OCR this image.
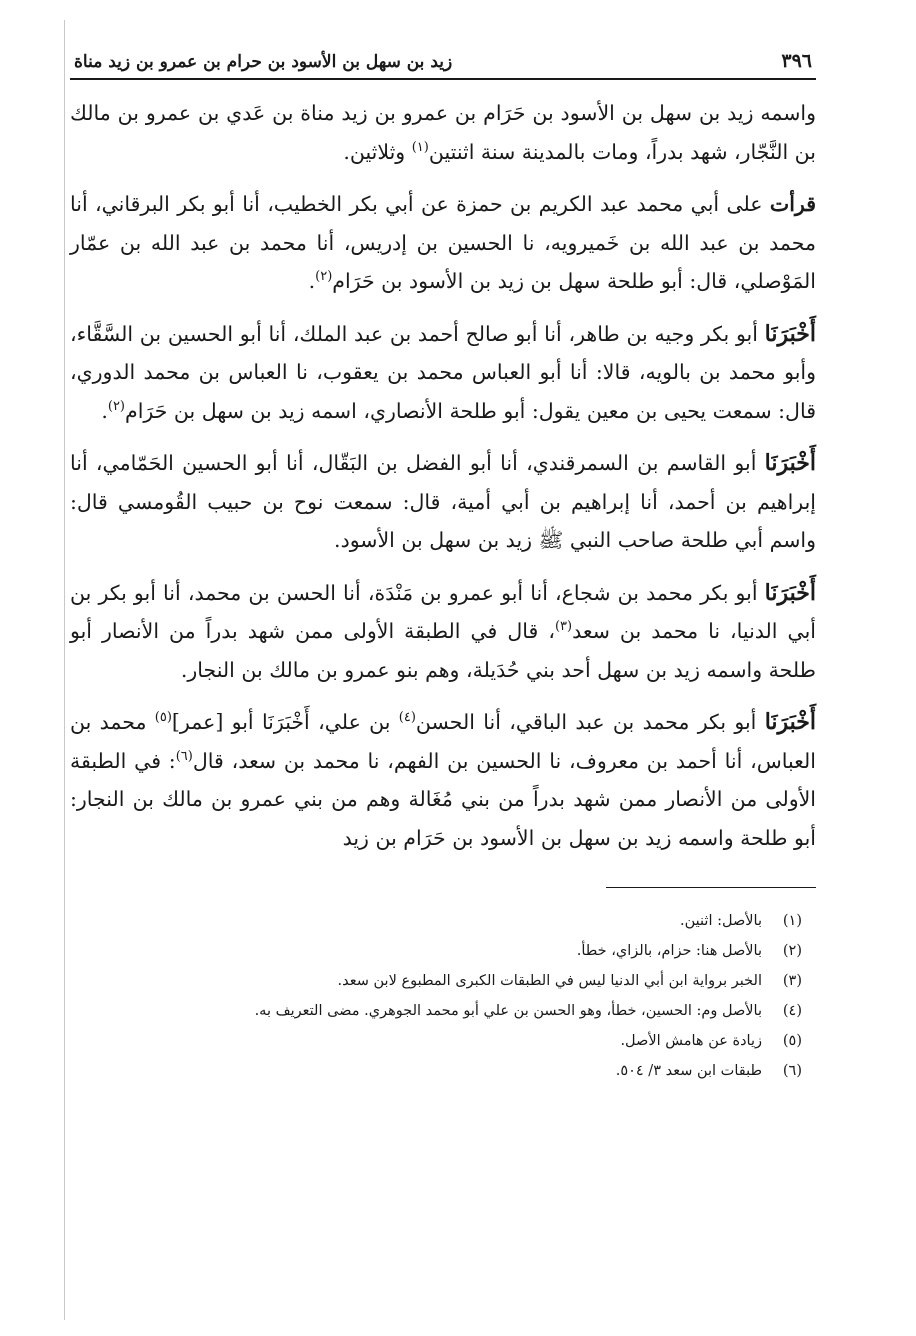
٣٩٦
زيد بن سهل بن الأسود بن حرام بن عمرو بن زيد مناة

واسمه زيد بن سهل بن الأسود بن حَرَام بن عمرو بن زيد مناة بن عَدي بن عمرو بن مالك بن النَّجّار، شهد بدراً، ومات بالمدينة سنة اثنتين$^{(١)}$ وثلاثين.

قرأت على أبي محمد عبد الكريم بن حمزة عن أبي بكر الخطيب، أنا أبو بكر البرقاني، أنا محمد بن عبد الله بن خَميرويه، نا الحسين بن إدريس، أنا محمد بن عبد الله بن عمّار المَوْصلي، قال: أبو طلحة سهل بن زيد بن الأسود بن حَرَام$^{(٢)}$.

أَخْبَرَنَا أبو بكر وجيه بن طاهر، أنا أبو صالح أحمد بن عبد الملك، أنا أبو الحسين بن السَّقَّاء، وأبو محمد بن بالويه، قالا: أنا أبو العباس محمد بن يعقوب، نا العباس بن محمد الدوري، قال: سمعت يحيى بن معين يقول: أبو طلحة الأنصاري، اسمه زيد بن سهل بن حَرَام$^{(٢)}$.

أَخْبَرَنَا أبو القاسم بن السمرقندي، أنا أبو الفضل بن البَقّال، أنا أبو الحسين الحَمّامي، أنا إبراهيم بن أحمد، أنا إبراهيم بن أبي أمية، قال: سمعت نوح بن حبيب القُومسي قال: واسم أبي طلحة صاحب النبي ﷺ زيد بن سهل بن الأسود.

أَخْبَرَنَا أبو بكر محمد بن شجاع، أنا أبو عمرو بن مَنْدَة، أنا الحسن بن محمد، أنا أبو بكر بن أبي الدنيا، نا محمد بن سعد$^{(٣)}$، قال في الطبقة الأولى ممن شهد بدراً من الأنصار أبو طلحة واسمه زيد بن سهل أحد بني حُدَيلة، وهم بنو عمرو بن مالك بن النجار.

أَخْبَرَنَا أبو بكر محمد بن عبد الباقي، أنا الحسن$^{(٤)}$ بن علي، أَخْبَرَنَا أبو [عمر]$^{(٥)}$ محمد بن العباس، أنا أحمد بن معروف، نا الحسين بن الفهم، نا محمد بن سعد، قال$^{(٦)}$: في الطبقة الأولى من الأنصار ممن شهد بدراً من بني مُغَالة وهم من بني عمرو بن مالك بن النجار: أبو طلحة واسمه زيد بن سهل بن الأسود بن حَرَام بن زيد

(١)
بالأصل: اثنين.
(٢)
بالأصل هنا: حزام، بالزاي، خطأ.
(٣)
الخبر برواية ابن أبي الدنيا ليس في الطبقات الكبرى المطبوع لابن سعد.
(٤)
بالأصل وم: الحسين، خطأ، وهو الحسن بن علي أبو محمد الجوهري. مضى التعريف به.
(٥)
زيادة عن هامش الأصل.
(٦)
طبقات ابن سعد ٣/ ٥٠٤.
